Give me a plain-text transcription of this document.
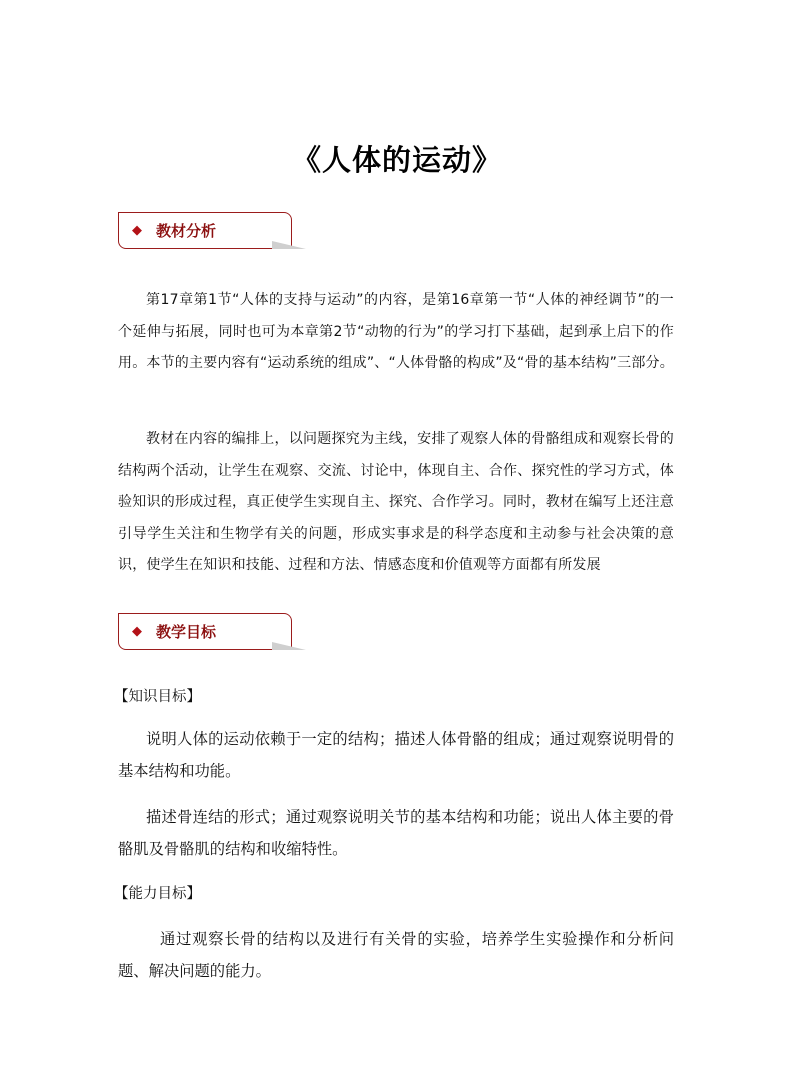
《人体的运动》
◆ 教材分析

第17章第1节“人体的支持与运动”的内容，是第16章第一节“人体的神经调节”的一个延伸与拓展，同时也可为本章第2节“动物的行为”的学习打下基础，起到承上启下的作用。本节的主要内容有“运动系统的组成”、“人体骨骼的构成”及“骨的基本结构”三部分。

教材在内容的编排上，以问题探究为主线，安排了观察人体的骨骼组成和观察长骨的结构两个活动，让学生在观察、交流、讨论中，体现自主、合作、探究性的学习方式，体验知识的形成过程，真正使学生实现自主、探究、合作学习。同时，教材在编写上还注意引导学生关注和生物学有关的问题，形成实事求是的科学态度和主动参与社会决策的意识，使学生在知识和技能、过程和方法、情感态度和价值观等方面都有所发展

◆ 教学目标
【知识目标】

说明人体的运动依赖于一定的结构；描述人体骨骼的组成；通过观察说明骨的基本结构和功能。

描述骨连结的形式；通过观察说明关节的基本结构和功能；说出人体主要的骨骼肌及骨骼肌的结构和收缩特性。

【能力目标】

通过观察长骨的结构以及进行有关骨的实验，培养学生实验操作和分析问题、解决问题的能力。
